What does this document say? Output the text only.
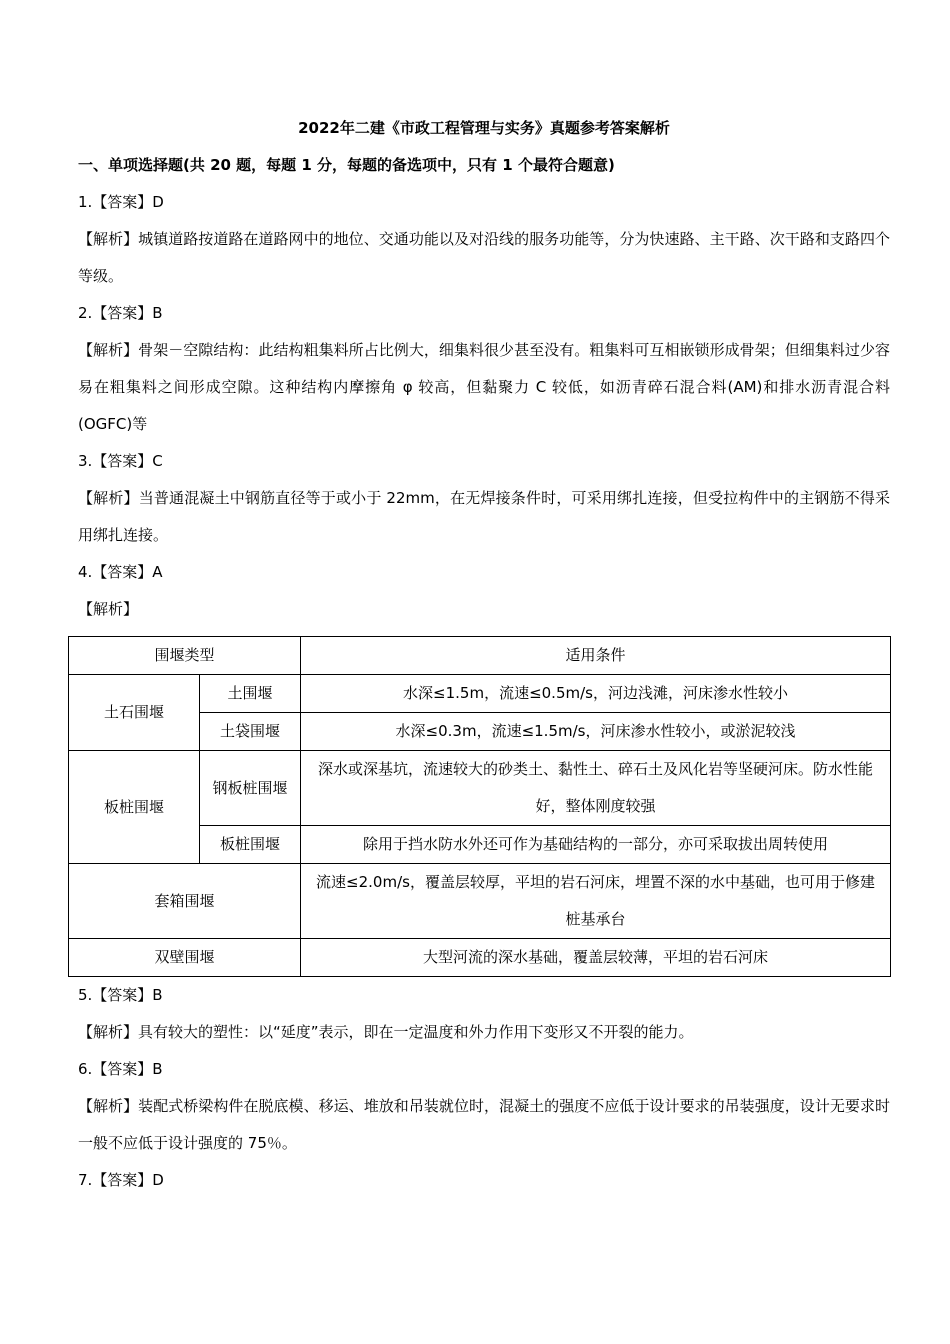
2022年二建《市政工程管理与实务》真题参考答案解析

一、单项选择题(共 20 题，每题 1 分，每题的备选项中，只有 1 个最符合题意)

1.【答案】D

【解析】城镇道路按道路在道路网中的地位、交通功能以及对沿线的服务功能等，分为快速路、主干路、次干路和支路四个等级。

2.【答案】B

【解析】骨架－空隙结构：此结构粗集料所占比例大，细集料很少甚至没有。粗集料可互相嵌锁形成骨架；但细集料过少容易在粗集料之间形成空隙。这种结构内摩擦角 φ 较高，但黏聚力 C 较低，如沥青碎石混合料(AM)和排水沥青混合料(OGFC)等

3.【答案】C

【解析】当普通混凝土中钢筋直径等于或小于 22mm，在无焊接条件时，可采用绑扎连接，但受拉构件中的主钢筋不得采用绑扎连接。

4.【答案】A

【解析】

围堰类型		适用条件
土石围堰	土围堰	水深≤1.5m，流速≤0.5m/s，河边浅滩，河床渗水性较小
	土袋围堰	水深≤0.3m，流速≤1.5m/s，河床渗水性较小，或淤泥较浅
板桩围堰	钢板桩围堰	深水或深基坑，流速较大的砂类土、黏性土、碎石土及风化岩等坚硬河床。防水性能好，整体刚度较强
	板桩围堰	除用于挡水防水外还可作为基础结构的一部分，亦可采取拔出周转使用
套箱围堰		流速≤2.0m/s，覆盖层较厚，平坦的岩石河床，埋置不深的水中基础，也可用于修建桩基承台
双壁围堰		大型河流的深水基础，覆盖层较薄，平坦的岩石河床

5.【答案】B

【解析】具有较大的塑性：以“延度”表示，即在一定温度和外力作用下变形又不开裂的能力。

6.【答案】B

【解析】装配式桥梁构件在脱底模、移运、堆放和吊装就位时，混凝土的强度不应低于设计要求的吊装强度，设计无要求时一般不应低于设计强度的 75％。

7.【答案】D
